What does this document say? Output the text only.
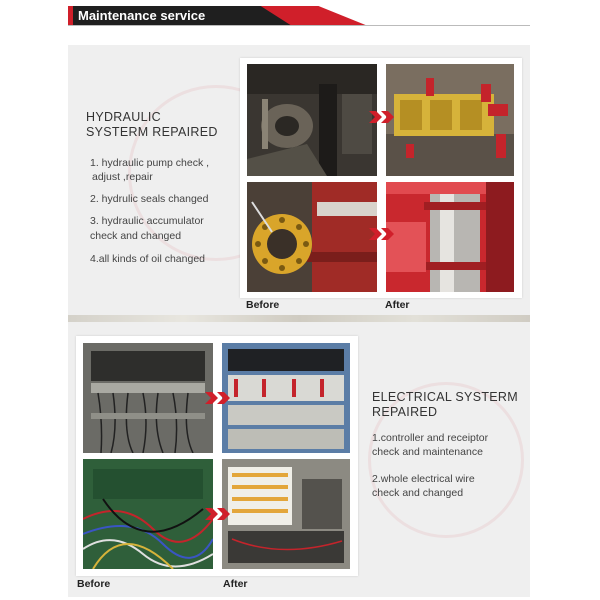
Maintenance service
HYDRAULIC
SYSTERM REPAIRED
1. hydraulic pump check ,
adjust ,repair
2. hydrulic seals changed
3. hydraulic accumulator
check and changed
4.all kinds of oil changed
Before	After
Before	After
ELECTRICAL SYSTERM
REPAIRED
1.controller and receiptor
check and maintenance
2.whole electrical wire
check and changed
